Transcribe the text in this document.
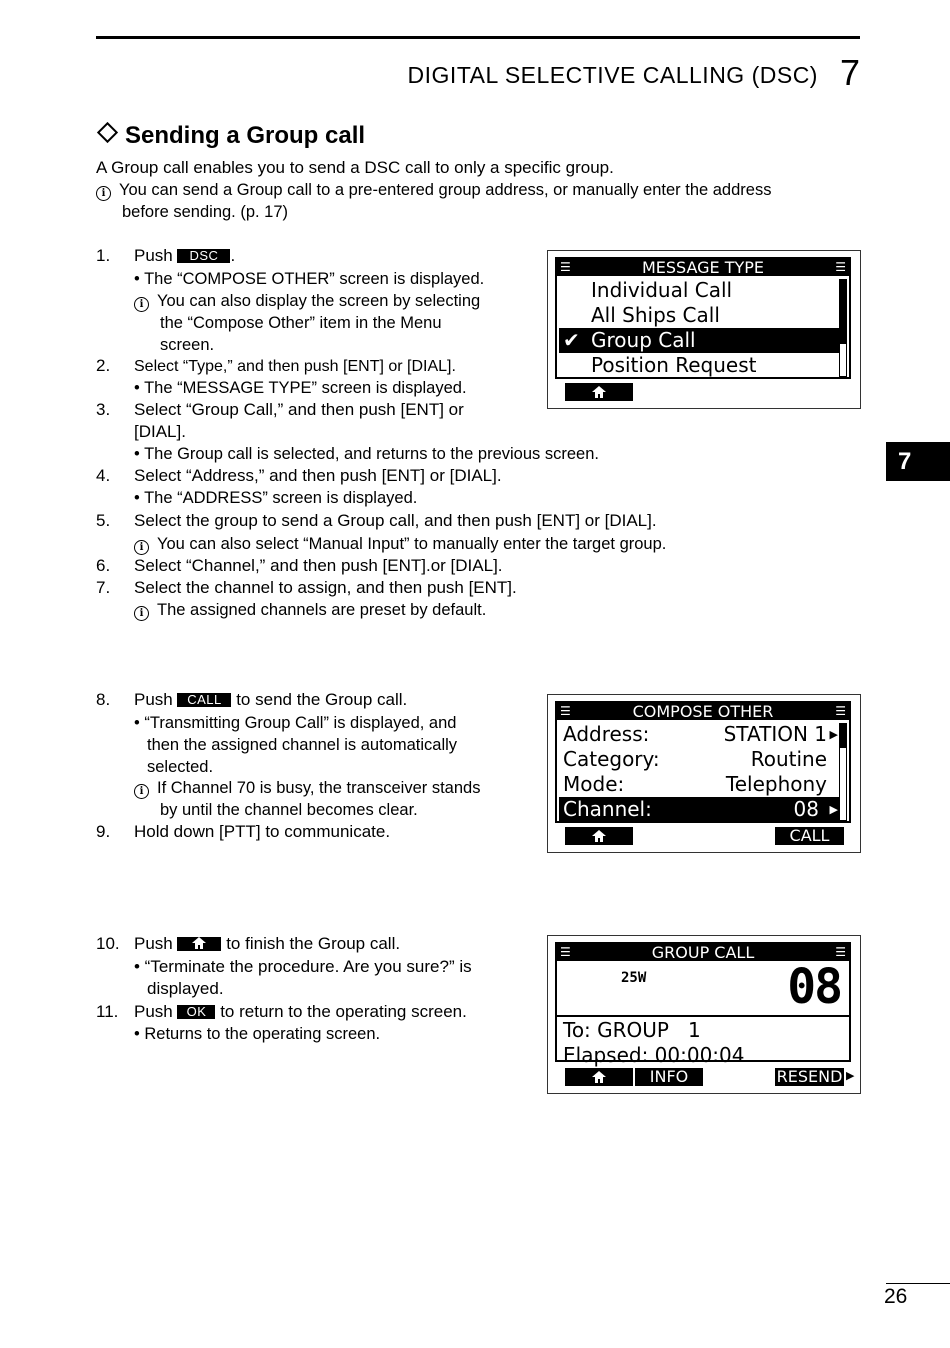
DIGITAL SELECTIVE CALLING (DSC) 7
Sending a Group call
A Group call enables you to send a DSC call to only a specific group.
i You can send a Group call to a pre-entered group address, or manually enter the address
before sending. (p. 17)
1.	Push DSC .
• The “COMPOSE OTHER” screen is displayed.
i You can also display the screen by selecting
the “Compose Other” item in the Menu
screen.
2.	Select “Type,” and then push [ENT] or [DIAL].
• The “MESSAGE TYPE” screen is displayed.
3.	Select “Group Call,” and then push [ENT] or
[DIAL].
• The Group call is selected, and returns to the previous screen.
4.	Select “Address,” and then push [ENT] or [DIAL].
• The “ADDRESS” screen is displayed.
5.	Select the group to send a Group call, and then push [ENT] or [DIAL].
i You can also select “Manual Input” to manually enter the target group.
6.	Select “Channel,” and then push [ENT].or [DIAL].
7.	Select the channel to assign, and then push [ENT].
i The assigned channels are preset by default.
8.	Push CALL to send the Group call.
• “Transmitting Group Call” is displayed, and
then the assigned channel is automatically
selected.
i If Channel 70 is busy, the transceiver stands
by until the channel becomes clear.
9.	Hold down [PTT] to communicate.
10. Push	to finish the Group call.
• “Terminate the procedure. Are you sure?” is
displayed.
11. Push OK to return to the operating screen.
• Returns to the operating screen.
☰	MESSAGE TYPE	☰
Individual Call
All Ships Call
✔ Group Call
Position Request
☰	COMPOSE OTHER	☰
Address:	STATION 1 ▶
Category:	Routine
Mode:	Telephony
Channel:	08 ▶
CALL
☰	GROUP CALL	☰
25W	08
To: GROUP   1
Elapsed: 00:00:04
INFO	RESEND ▶
7
26
